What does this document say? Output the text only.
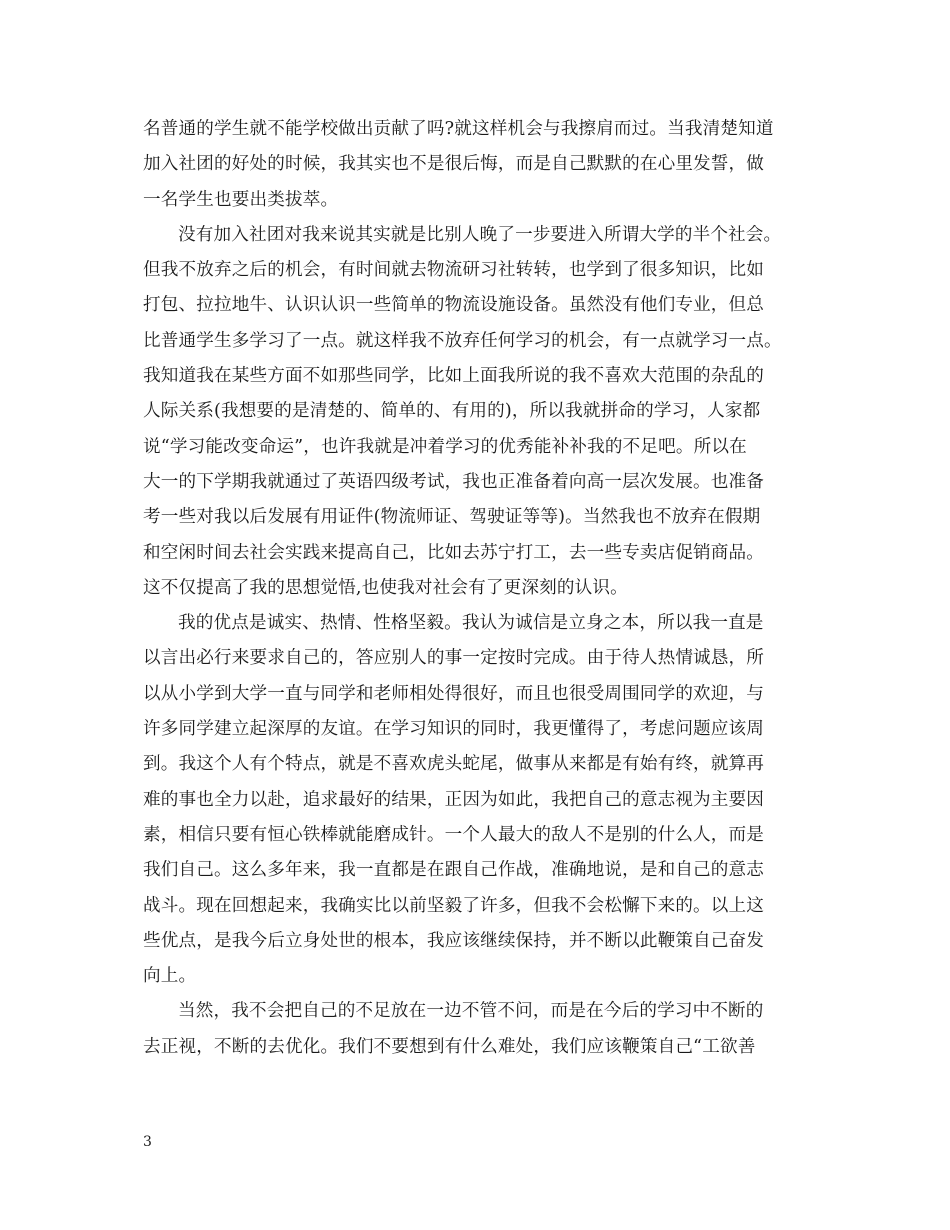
名普通的学生就不能学校做出贡献了吗?就这样机会与我擦肩而过。当我清楚知道
加入社团的好处的时候，我其实也不是很后悔，而是自己默默的在心里发誓，做
一名学生也要出类拔萃。
没有加入社团对我来说其实就是比别人晚了一步要进入所谓大学的半个社会。
但我不放弃之后的机会，有时间就去物流研习社转转，也学到了很多知识，比如
打包、拉拉地牛、认识认识一些简单的物流设施设备。虽然没有他们专业，但总
比普通学生多学习了一点。就这样我不放弃任何学习的机会，有一点就学习一点。
我知道我在某些方面不如那些同学，比如上面我所说的我不喜欢大范围的杂乱的
人际关系(我想要的是清楚的、简单的、有用的)，所以我就拼命的学习，人家都
说“学习能改变命运”，也许我就是冲着学习的优秀能补补我的不足吧。所以在
大一的下学期我就通过了英语四级考试，我也正准备着向高一层次发展。也准备
考一些对我以后发展有用证件(物流师证、驾驶证等等)。当然我也不放弃在假期
和空闲时间去社会实践来提高自己，比如去苏宁打工，去一些专卖店促销商品。
这不仅提高了我的思想觉悟,也使我对社会有了更深刻的认识。
我的优点是诚实、热情、性格坚毅。我认为诚信是立身之本，所以我一直是
以言出必行来要求自己的，答应别人的事一定按时完成。由于待人热情诚恳，所
以从小学到大学一直与同学和老师相处得很好，而且也很受周围同学的欢迎，与
许多同学建立起深厚的友谊。在学习知识的同时，我更懂得了，考虑问题应该周
到。我这个人有个特点，就是不喜欢虎头蛇尾，做事从来都是有始有终，就算再
难的事也全力以赴，追求最好的结果，正因为如此，我把自己的意志视为主要因
素，相信只要有恒心铁棒就能磨成针。一个人最大的敌人不是别的什么人，而是
我们自己。这么多年来，我一直都是在跟自己作战，准确地说，是和自己的意志
战斗。现在回想起来，我确实比以前坚毅了许多，但我不会松懈下来的。以上这
些优点，是我今后立身处世的根本，我应该继续保持，并不断以此鞭策自己奋发
向上。
当然，我不会把自己的不足放在一边不管不问，而是在今后的学习中不断的
去正视，不断的去优化。我们不要想到有什么难处，我们应该鞭策自己“工欲善
3
